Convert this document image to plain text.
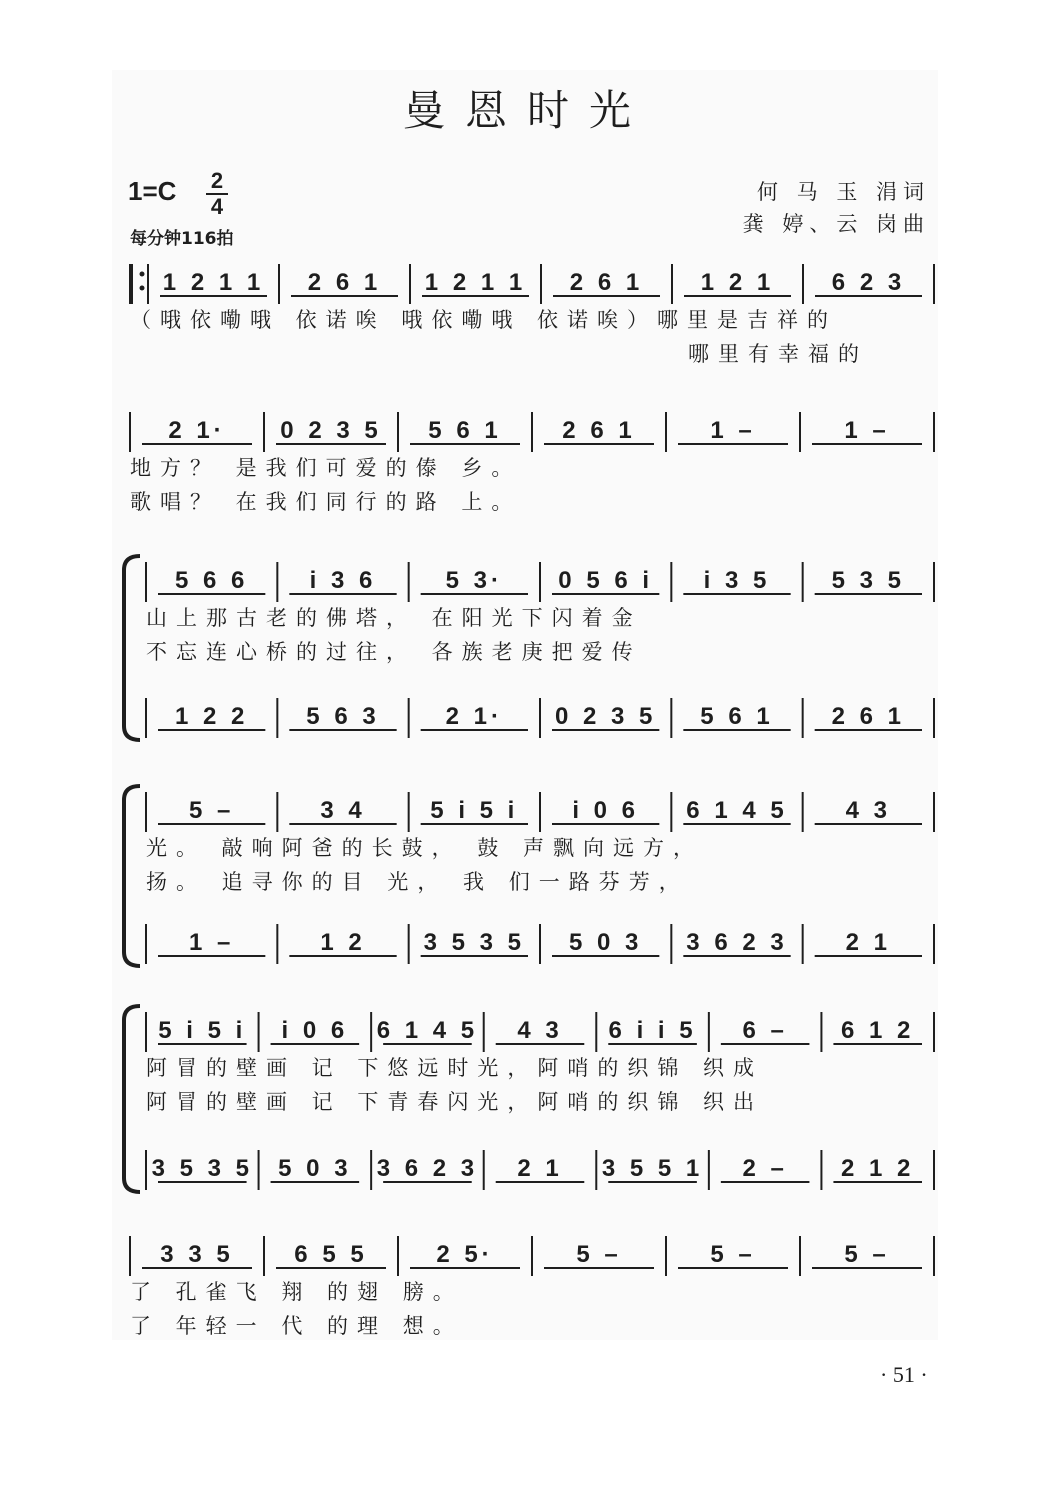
曼恩时光
1=C 2
4
每分钟116拍
何 马 玉 涓词
龚 婷、云 岗曲
1 2 1 1 2 6 1 1 2 1 1 2 6 1 1 2 1 6 2 3
2 1· 0 2 3 5 5 6 1	2 6 1	1 –	1 –
5 6 6	i 3 6	5 3· 0 5 6 i i 3 5	5 3 5
1 2 2 5 6 3	2 1· 0 2 3 5 5 6 1 2 6 1
5 –	3 4	5 i 5 i i 0 6 6 1 4 5 4 3
1 –	1 2 3 5 3 5 5 0 3 3 6 2 3 2 1
5 i 5 i i 0 6 6 1 4 5 4 3 6 i i 5 6 – 6 1 2
3 5 3 5 5 0 3 3 6 2 3 2 1 3 5 5 1 2 – 2 1 2
3 3 5	6 5 5	2 5·	5 –	5 –	5 –
（哦依嘞哦 依诺唉 哦依嘞哦 依诺唉）哪里是吉祥的
哪里有幸福的
地方？ 是我们可爱的傣 乡。
歌唱？ 在我们同行的路 上。
山上那古老的佛塔， 在阳光下闪着金
不忘连心桥的过往， 各族老庚把爱传
光。 敲响阿爸的长鼓， 鼓 声飘向远方，
扬。 追寻你的目 光， 我 们一路芬芳，
阿冒的壁画 记 下悠远时光，阿哨的织锦 织成
阿冒的壁画 记 下青春闪光，阿哨的织锦 织出
了 孔雀飞 翔 的翅 膀。
了 年轻一 代 的理 想。
· 51 ·
